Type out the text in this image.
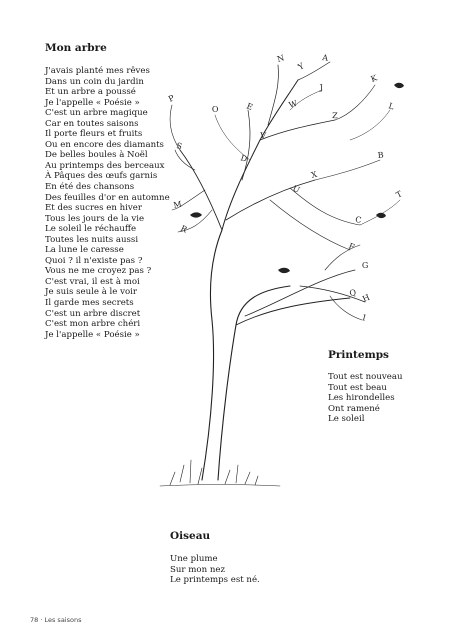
Mon arbre
J'avais planté mes rêves
Dans un coin du jardin
Et un arbre a poussé
Je l'appelle « Poésie »
C'est un arbre magique
Car en toutes saisons
Il porte fleurs et fruits
Ou en encore des diamants
De belles boules à Noël
Au printemps des berceaux
À Pâques des œufs garnis
En été des chansons
Des feuilles d'or en automne
Et des sucres en hiver
Tous les jours de la vie
Le soleil le réchauffe
Toutes les nuits aussi
La lune le caresse
Quoi ? il n'existe pas ?
Vous ne me croyez pas ?
C'est vrai, il est à moi
Je suis seule à le voir
Il garde mes secrets
C'est un arbre discret
C'est mon arbre chéri
Je l'appelle « Poésie »
Y
A
N
E
O
P
S
M
R
Z
K
L
B
T
C
X
F
G
H
I
Q
U
V
W
D
J
Printemps
Tout est nouveau
Tout est beau
Les hirondelles
Ont ramené
Le soleil
Oiseau
Une plume
Sur mon nez
Le printemps est né.
78 · Les saisons
